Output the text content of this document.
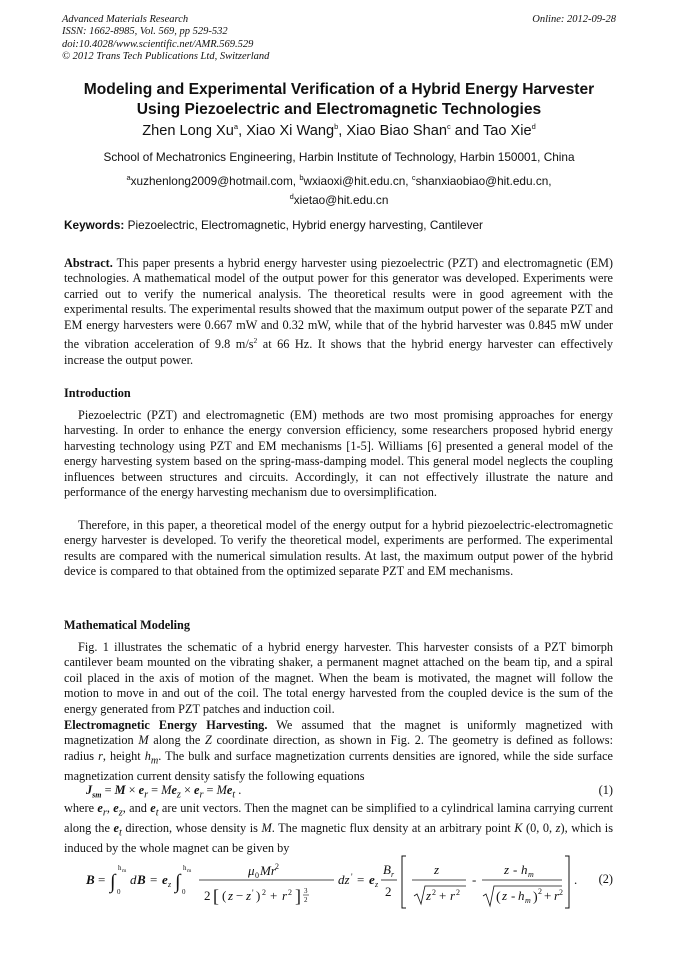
Advanced Materials Research
ISSN: 1662-8985, Vol. 569, pp 529-532
doi:10.4028/www.scientific.net/AMR.569.529
© 2012 Trans Tech Publications Ltd, Switzerland
Online: 2012-09-28
Modeling and Experimental Verification of a Hybrid Energy Harvester
Using Piezoelectric and Electromagnetic Technologies
Zhen Long Xu$^a$, Xiao Xi Wang$^b$, Xiao Biao Shan$^c$ and Tao Xie$^d$
School of Mechatronics Engineering, Harbin Institute of Technology, Harbin 150001, China
$^a$xuzhenlong2009@hotmail.com, $^b$wxiaoxi@hit.edu.cn, $^c$shanxiaobiao@hit.edu.cn,
$^d$xietao@hit.edu.cn
Keywords: Piezoelectric, Electromagnetic, Hybrid energy harvesting, Cantilever

Abstract. This paper presents a hybrid energy harvester using piezoelectric (PZT) and electromagnetic (EM) technologies. A mathematical model of the output power for this generator was developed. Experiments were carried out to verify the numerical analysis. The theoretical results were in good agreement with the experimental results. The experimental results showed that the maximum output power of the separate PZT and EM energy harvesters were 0.667 mW and 0.32 mW, while that of the hybrid harvester was 0.845 mW under the vibration acceleration of 9.8 $m/s^2$ at 66 Hz. It shows that the hybrid energy harvester can effectively increase the output power.

Introduction

Piezoelectric (PZT) and electromagnetic (EM) methods are two most promising approaches for energy harvesting. In order to enhance the energy conversion efficiency, some researchers proposed hybrid energy harvesting technology using PZT and EM mechanisms [1-5]. Williams [6] presented a general model of the energy harvesting system based on the spring-mass-damping model. This general model neglects the coupling influences between structures and circuits. Accordingly, it can not effectively illustrate the nature and performance of the energy harvesting mechanism due to oversimplification.

Therefore, in this paper, a theoretical model of the energy output for a hybrid piezoelectric-electromagnetic energy harvester is developed. To verify the theoretical model, experiments are performed. The experimental results are compared with the numerical simulation results. At last, the maximum output power of the hybrid device is compared to that obtained from the optimized separate PZT and EM mechanisms.

Mathematical Modeling

Fig. 1 illustrates the schematic of a hybrid energy harvester. This harvester consists of a PZT bimorph cantilever beam mounted on the vibrating shaker, a permanent magnet attached on the beam tip, and a spiral coil placed in the axis of motion of the magnet. When the beam is motivated, the magnet will follow the motion to move in and out of the coil. The total energy harvested from the coupled device is the sum of the energy generated from PZT patches and induction coil.

Electromagnetic Energy Harvesting. We assumed that the magnet is uniformly magnetized with magnetization M along the Z coordinate direction, as shown in Fig. 2. The geometry is defined as follows: radius r, height $h_m$. The bulk and surface magnetization currents densities are ignored, while the side surface magnetization current density satisfy the following equations

$J_{sm} = M \times e_r = Me_z \times e_r = Me_t$ .	(1)

where $e_r$, $e_z$, and $e_t$ are unit vectors. Then the magnet can be simplified to a cylindrical lamina carrying current along the $e_t$ direction, whose density is M. The magnetic flux density at an arbitrary point K (0, 0, z), which is induced by the whole magnet can be given by

B = ∫
h m
0
d B = e z ∫
h m
0
μ 0 Mr 2
2 [ ( z − z ' ) 2 + r 2 ] 3
2
dz ' = e z
B r
2
z
z 2 + r 2
-
z - h m
( z - h m ) 2 + r 2
. (2)
